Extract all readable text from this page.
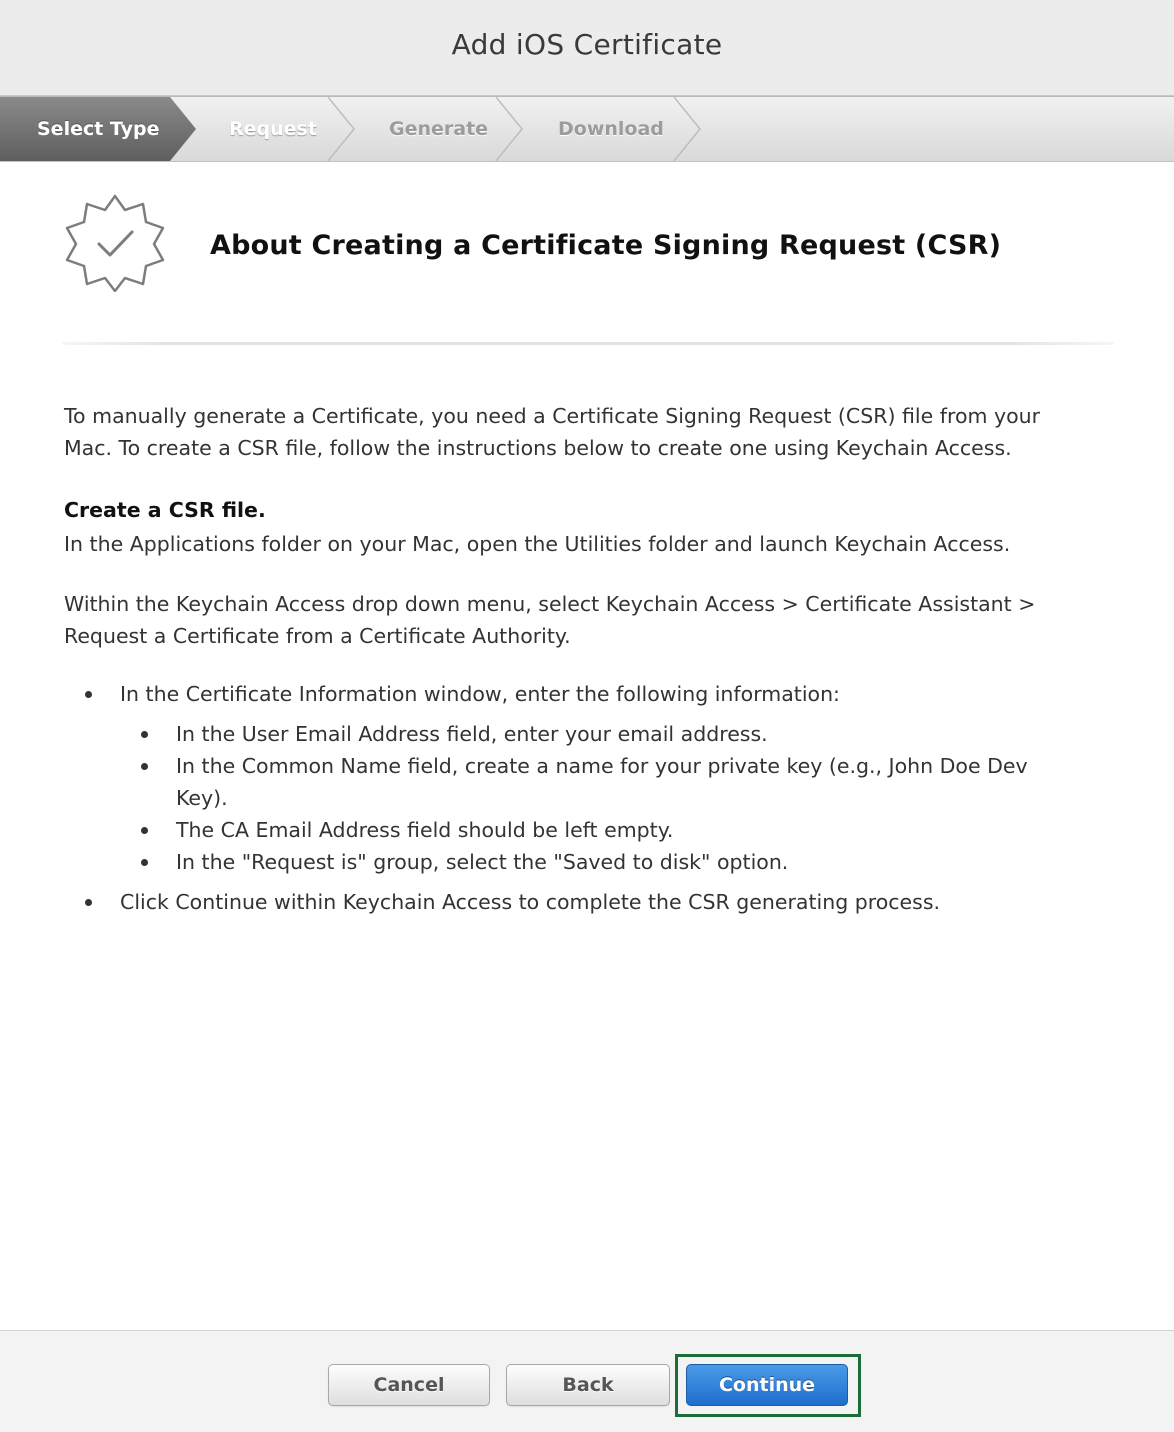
Add iOS Certificate
Select Type	Request	Generate	Download
About Creating a Certificate Signing Request (CSR)
To manually generate a Certificate, you need a Certificate Signing Request (CSR) file from your
Mac. To create a CSR file, follow the instructions below to create one using Keychain Access.
Create a CSR file.
In the Applications folder on your Mac, open the Utilities folder and launch Keychain Access.
Within the Keychain Access drop down menu, select Keychain Access > Certificate Assistant >
Request a Certificate from a Certificate Authority.
In the Certificate Information window, enter the following information:
In the User Email Address field, enter your email address.
In the Common Name field, create a name for your private key (e.g., John Doe Dev
Key).
The CA Email Address field should be left empty.
In the "Request is" group, select the "Saved to disk" option.
Click Continue within Keychain Access to complete the CSR generating process.
Cancel	Back	Continue
